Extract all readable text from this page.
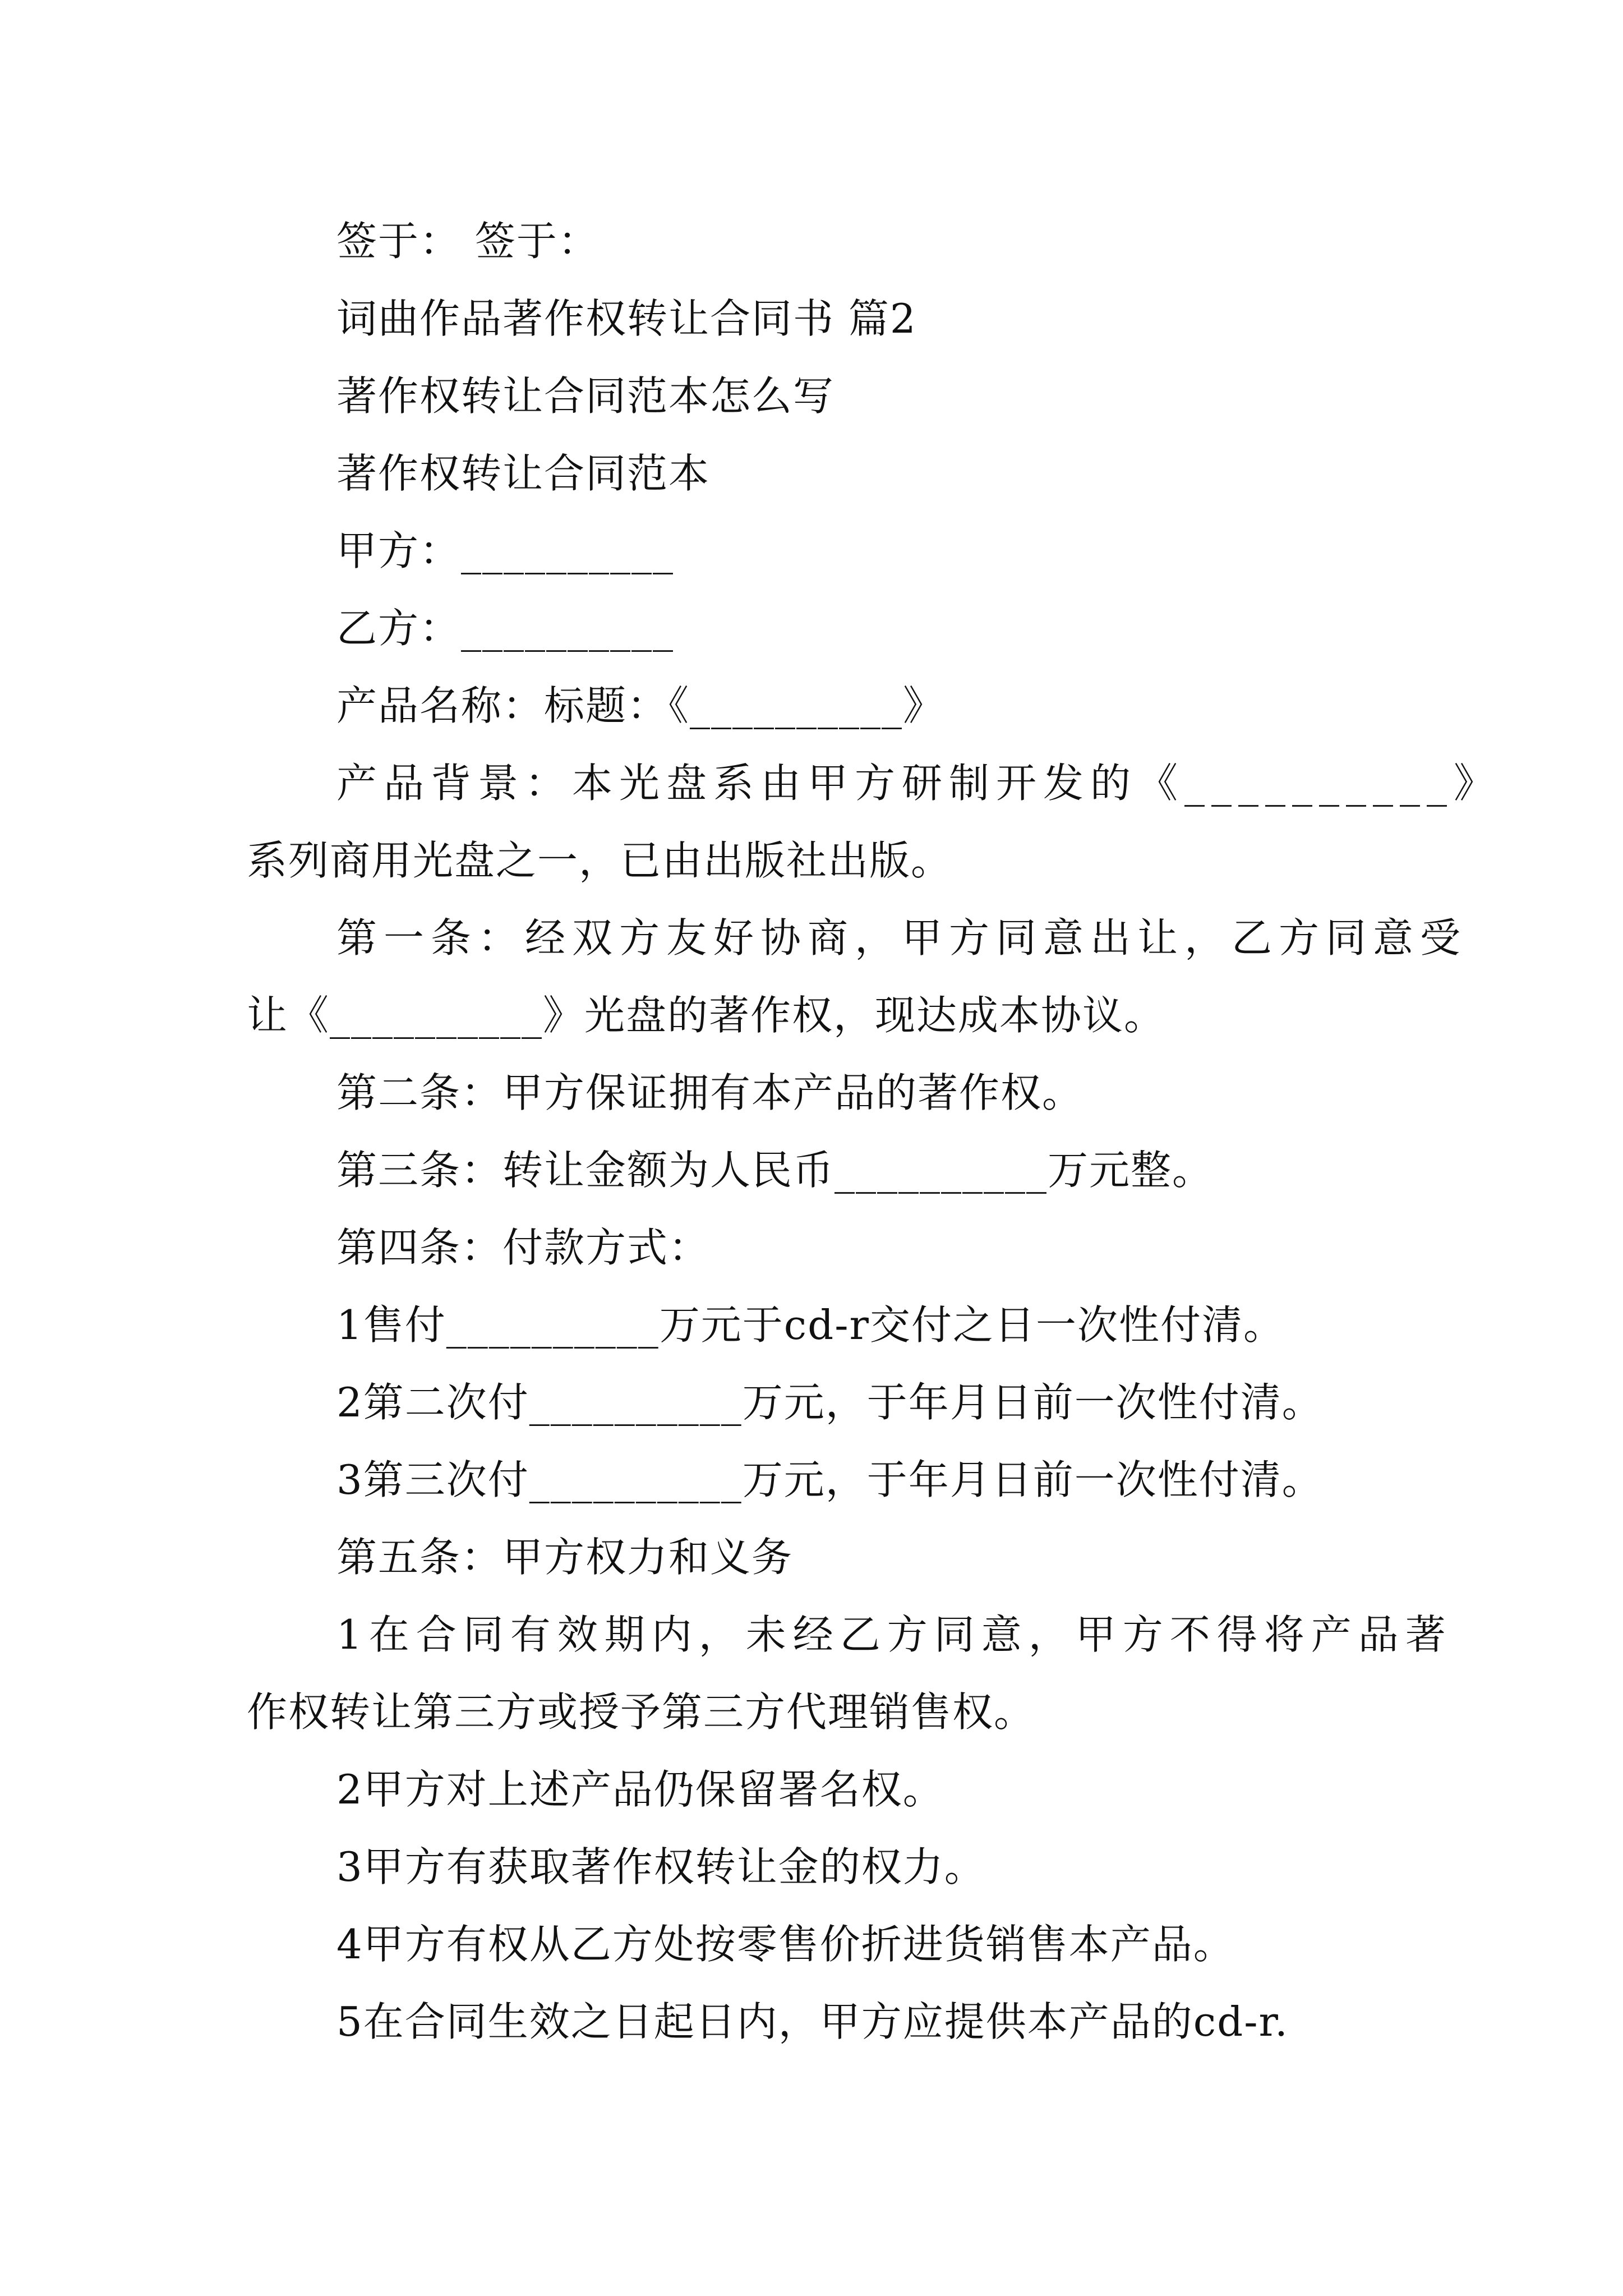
签于： 签于：

词曲作品著作权转让合同书 篇2

著作权转让合同范本怎么写

著作权转让合同范本

甲方：__________

乙方：__________

产品名称：标题：《__________》

产品背景：本光盘系由甲方研制开发的《__________》

系列商用光盘之一，已由出版社出版。

第一条：经双方友好协商，甲方同意出让，乙方同意受

让《__________》光盘的著作权，现达成本协议。

第二条：甲方保证拥有本产品的著作权。

第三条：转让金额为人民币__________万元整。

第四条：付款方式：

1售付__________万元于cd-r交付之日一次性付清。

2第二次付__________万元，于年月日前一次性付清。

3第三次付__________万元，于年月日前一次性付清。

第五条：甲方权力和义务

1在合同有效期内，未经乙方同意，甲方不得将产品著

作权转让第三方或授予第三方代理销售权。

2甲方对上述产品仍保留署名权。

3甲方有获取著作权转让金的权力。

4甲方有权从乙方处按零售价折进货销售本产品。

5在合同生效之日起日内，甲方应提供本产品的cd-r.
